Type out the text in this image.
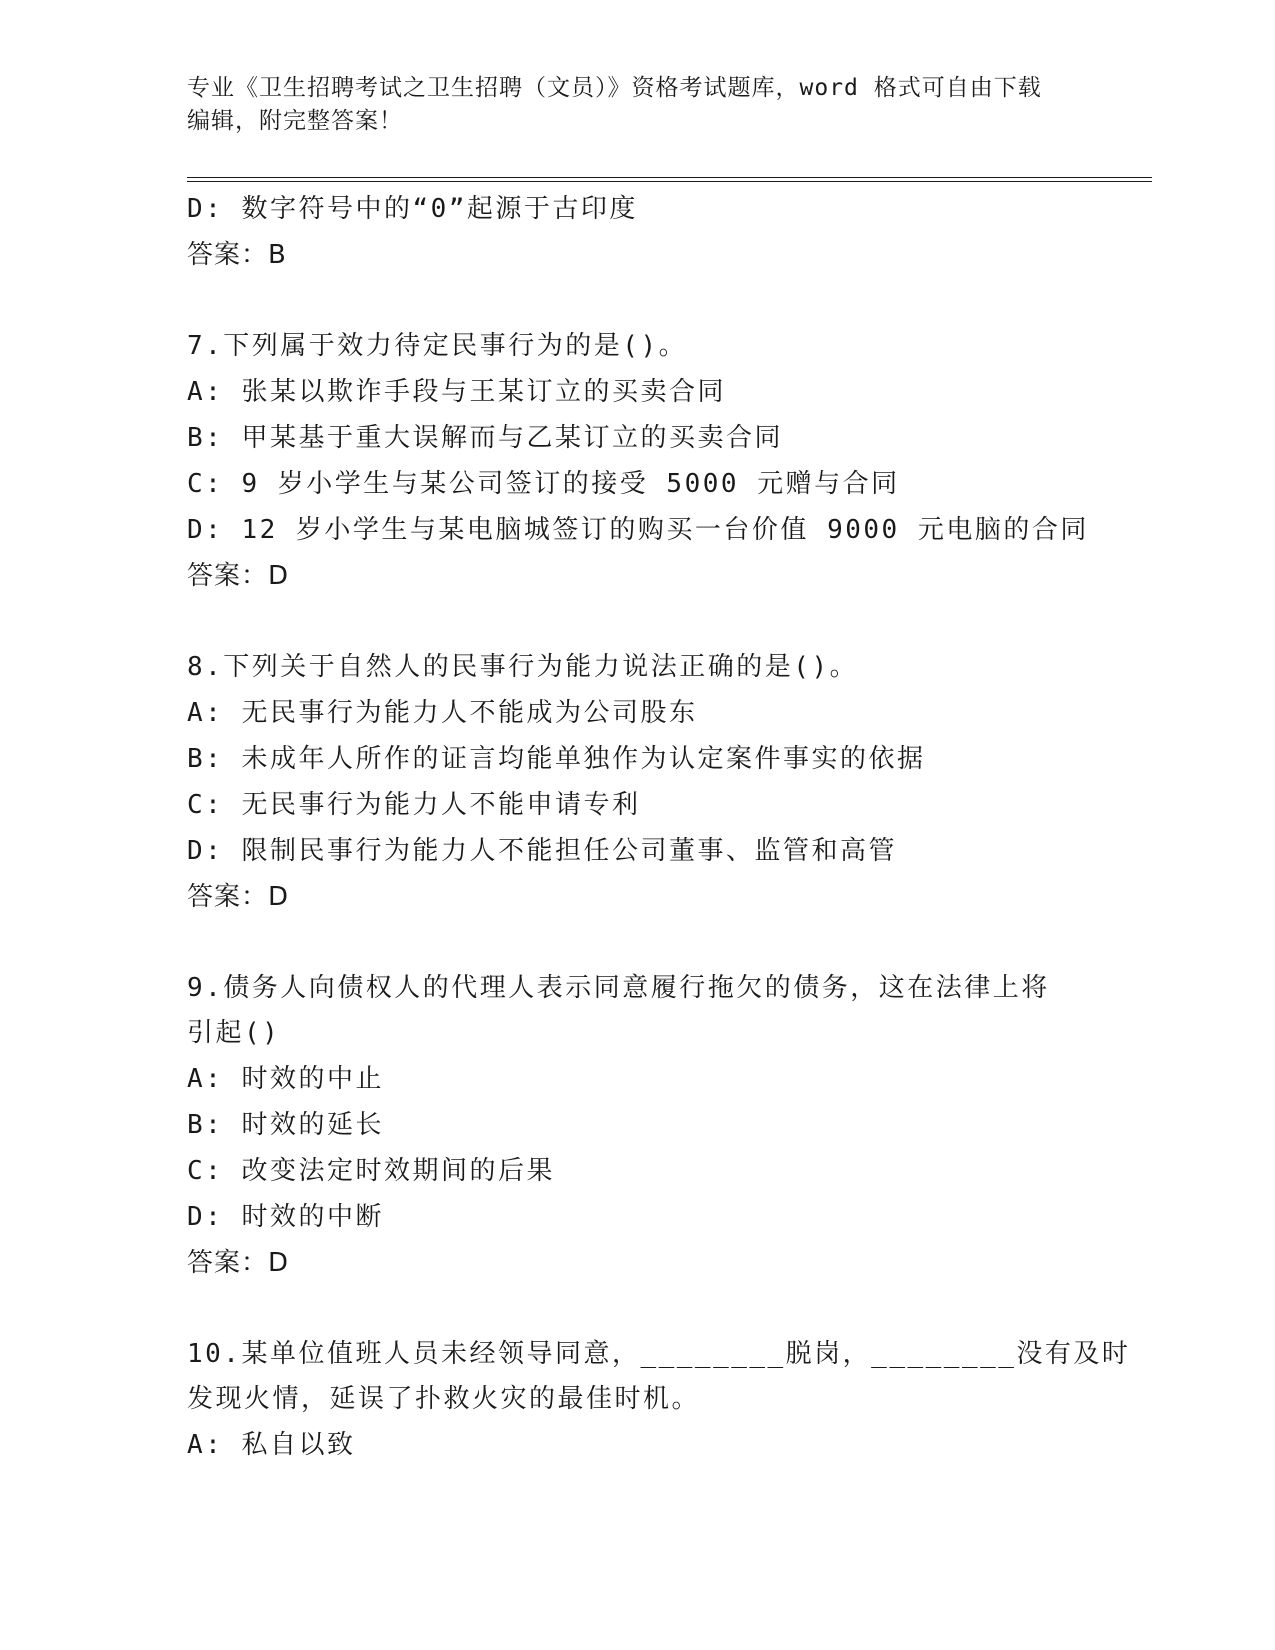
专业《卫生招聘考试之卫生招聘（文员）》资格考试题库，word 格式可自由下载
编辑，附完整答案！
D: 数字符号中的“0”起源于古印度
答案：B
7.下列属于效力待定民事行为的是()。
A: 张某以欺诈手段与王某订立的买卖合同
B: 甲某基于重大误解而与乙某订立的买卖合同
C: 9 岁小学生与某公司签订的接受 5000 元赠与合同
D: 12 岁小学生与某电脑城签订的购买一台价值 9000 元电脑的合同
答案：D
8.下列关于自然人的民事行为能力说法正确的是()。
A: 无民事行为能力人不能成为公司股东
B: 未成年人所作的证言均能单独作为认定案件事实的依据
C: 无民事行为能力人不能申请专利
D: 限制民事行为能力人不能担任公司董事、监管和高管
答案：D
9.债务人向债权人的代理人表示同意履行拖欠的债务，这在法律上将
引起()
A: 时效的中止
B: 时效的延长
C: 改变法定时效期间的后果
D: 时效的中断
答案：D
10.某单位值班人员未经领导同意，________脱岗，________没有及时
发现火情，延误了扑救火灾的最佳时机。
A: 私自以致
